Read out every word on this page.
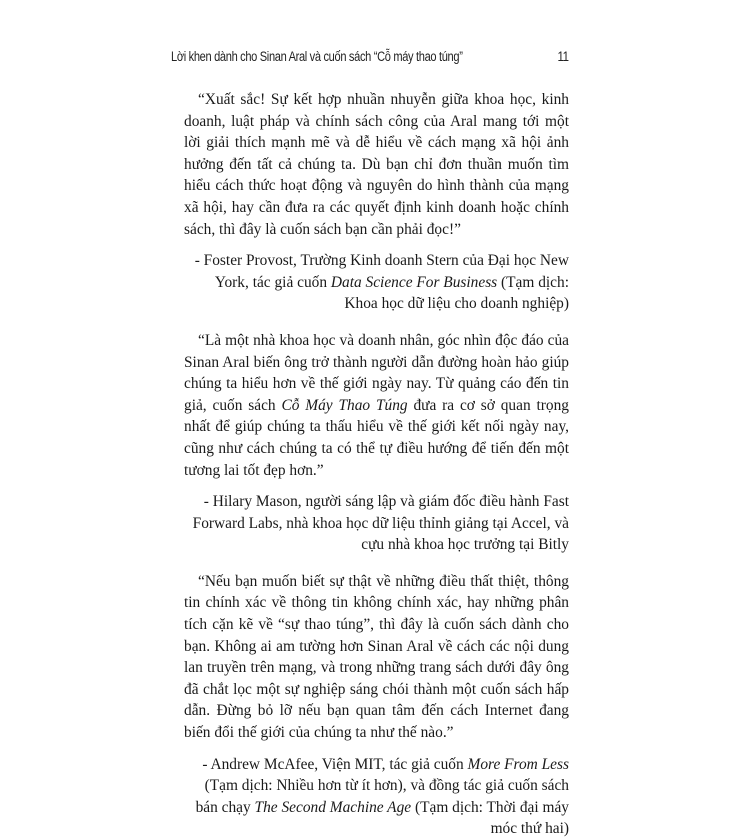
Lời khen dành cho Sinan Aral và cuốn sách “Cỗ máy thao túng”	11

“Xuất sắc! Sự kết hợp nhuần nhuyễn giữa khoa học, kinh doanh, luật pháp và chính sách công của Aral mang tới một lời giải thích mạnh mẽ và dễ hiểu về cách mạng xã hội ảnh hưởng đến tất cả chúng ta. Dù bạn chỉ đơn thuần muốn tìm hiểu cách thức hoạt động và nguyên do hình thành của mạng xã hội, hay cần đưa ra các quyết định kinh doanh hoặc chính sách, thì đây là cuốn sách bạn cần phải đọc!”

- Foster Provost, Trường Kinh doanh Stern của Đại học New York, tác giả cuốn Data Science For Business (Tạm dịch: Khoa học dữ liệu cho doanh nghiệp)

“Là một nhà khoa học và doanh nhân, góc nhìn độc đáo của Sinan Aral biến ông trở thành người dẫn đường hoàn hảo giúp chúng ta hiểu hơn về thế giới ngày nay. Từ quảng cáo đến tin giả, cuốn sách Cỗ Máy Thao Túng đưa ra cơ sở quan trọng nhất để giúp chúng ta thấu hiểu về thế giới kết nối ngày nay, cũng như cách chúng ta có thể tự điều hướng để tiến đến một tương lai tốt đẹp hơn.”

- Hilary Mason, người sáng lập và giám đốc điều hành Fast Forward Labs, nhà khoa học dữ liệu thỉnh giảng tại Accel, và cựu nhà khoa học trưởng tại Bitly

“Nếu bạn muốn biết sự thật về những điều thất thiệt, thông tin chính xác về thông tin không chính xác, hay những phân tích cặn kẽ về “sự thao túng”, thì đây là cuốn sách dành cho bạn. Không ai am tường hơn Sinan Aral về cách các nội dung lan truyền trên mạng, và trong những trang sách dưới đây ông đã chắt lọc một sự nghiệp sáng chói thành một cuốn sách hấp dẫn. Đừng bỏ lỡ nếu bạn quan tâm đến cách Internet đang biến đổi thế giới của chúng ta như thế nào.”

- Andrew McAfee, Viện MIT, tác giả cuốn More From Less (Tạm dịch: Nhiều hơn từ ít hơn), và đồng tác giả cuốn sách bán chạy The Second Machine Age (Tạm dịch: Thời đại máy móc thứ hai)
